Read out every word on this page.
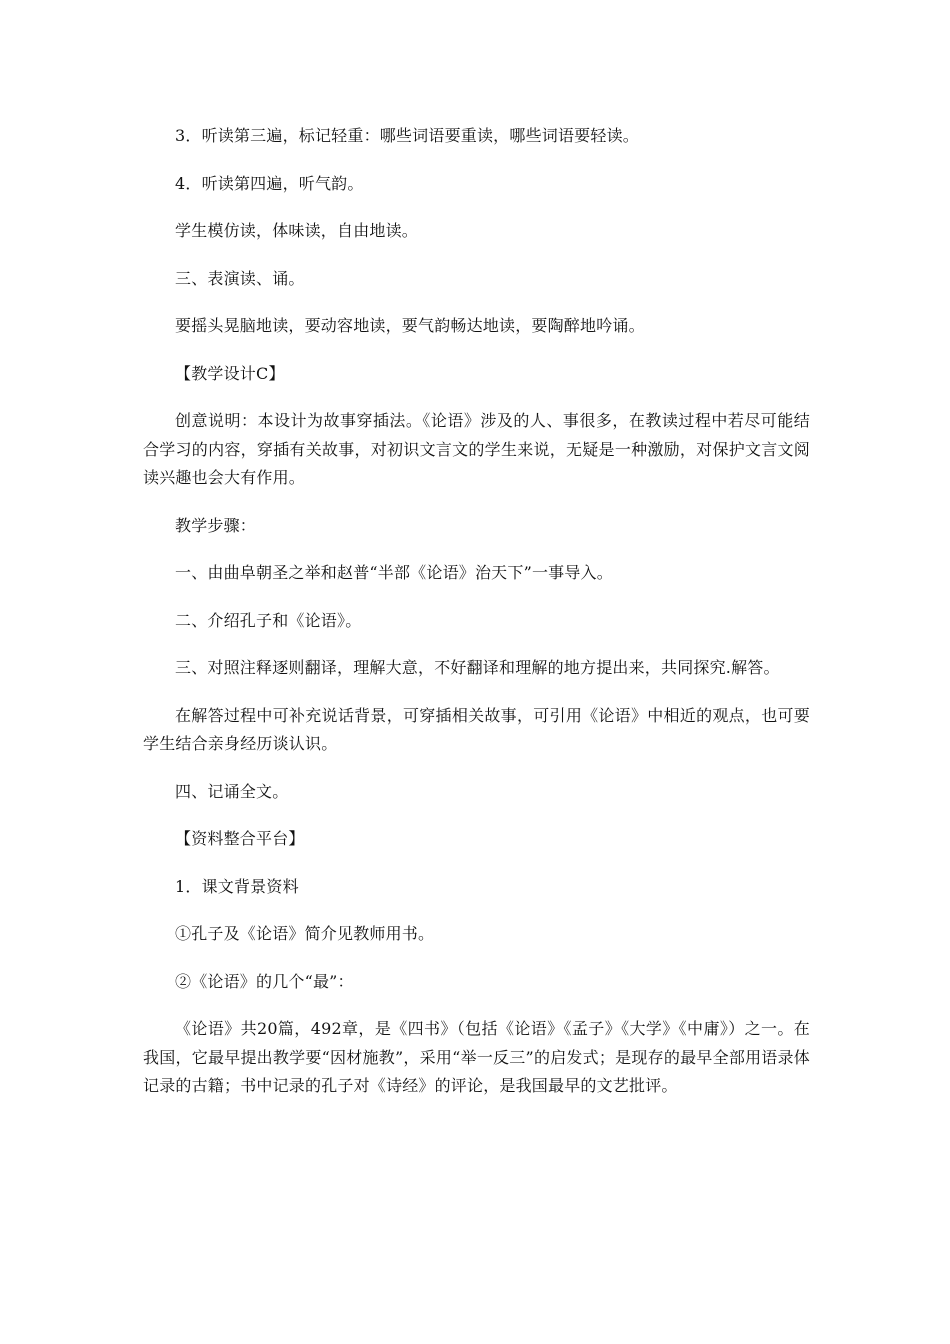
3．听读第三遍，标记轻重：哪些词语要重读，哪些词语要轻读。

4．听读第四遍，听气韵。

学生模仿读，体味读，自由地读。

三、表演读、诵。

要摇头晃脑地读，要动容地读，要气韵畅达地读，要陶醉地吟诵。

【教学设计C】

创意说明：本设计为故事穿插法。《论语》涉及的人、事很多，在教读过程中若尽可能结合学习的内容，穿插有关故事，对初识文言文的学生来说，无疑是一种激励，对保护文言文阅读兴趣也会大有作用。

教学步骤：

一、由曲阜朝圣之举和赵普“半部《论语》治天下”一事导入。

二、介绍孔子和《论语》。

三、对照注释逐则翻译，理解大意，不好翻译和理解的地方提出来，共同探究.解答。

在解答过程中可补充说话背景，可穿插相关故事，可引用《论语》中相近的观点，也可要学生结合亲身经历谈认识。

四、记诵全文。

【资料整合平台】

1．课文背景资料

①孔子及《论语》简介见教师用书。

②《论语》的几个“最”：

《论语》共20篇，492章，是《四书》（包括《论语》《孟子》《大学》《中庸》）之一。在我国，它最早提出教学要“因材施教”，采用“举一反三”的启发式；是现存的最早全部用语录体记录的古籍；书中记录的孔子对《诗经》的评论，是我国最早的文艺批评。
